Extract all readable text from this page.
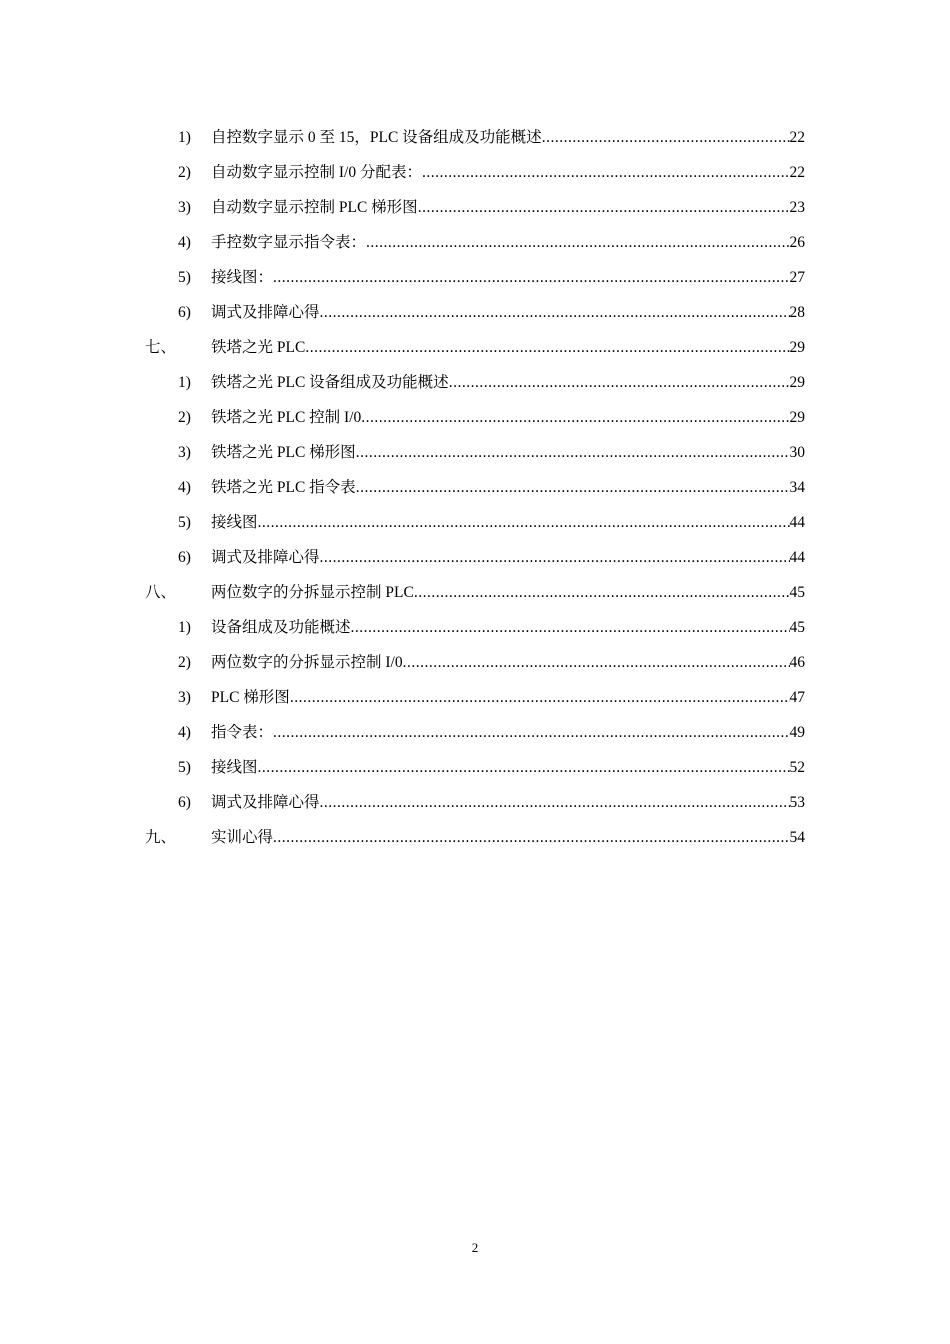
1) 自控数字显示 0 至 15，PLC 设备组成及功能概述 .....	22
2) 自动数字显示控制 I/0 分配表： .....	22
3) 自动数字显示控制 PLC 梯形图 .....	23
4) 手控数字显示指令表： .....	26
5) 接线图： .....	27
6) 调式及排障心得 .....	28
七、 铁塔之光 PLC .....	29
1) 铁塔之光 PLC 设备组成及功能概述 .....	29
2) 铁塔之光 PLC 控制 I/0 .....	29
3) 铁塔之光 PLC 梯形图 .....	30
4) 铁塔之光 PLC 指令表 .....	34
5) 接线图 .....	44
6) 调式及排障心得 .....	44
八、 两位数字的分拆显示控制 PLC .....	45
1) 设备组成及功能概述 .....	45
2) 两位数字的分拆显示控制 I/0 .....	46
3) PLC 梯形图 .....	47
4) 指令表： .....	49
5) 接线图 .....	52
6) 调式及排障心得 .....	53
九、 实训心得 .....	54
2
